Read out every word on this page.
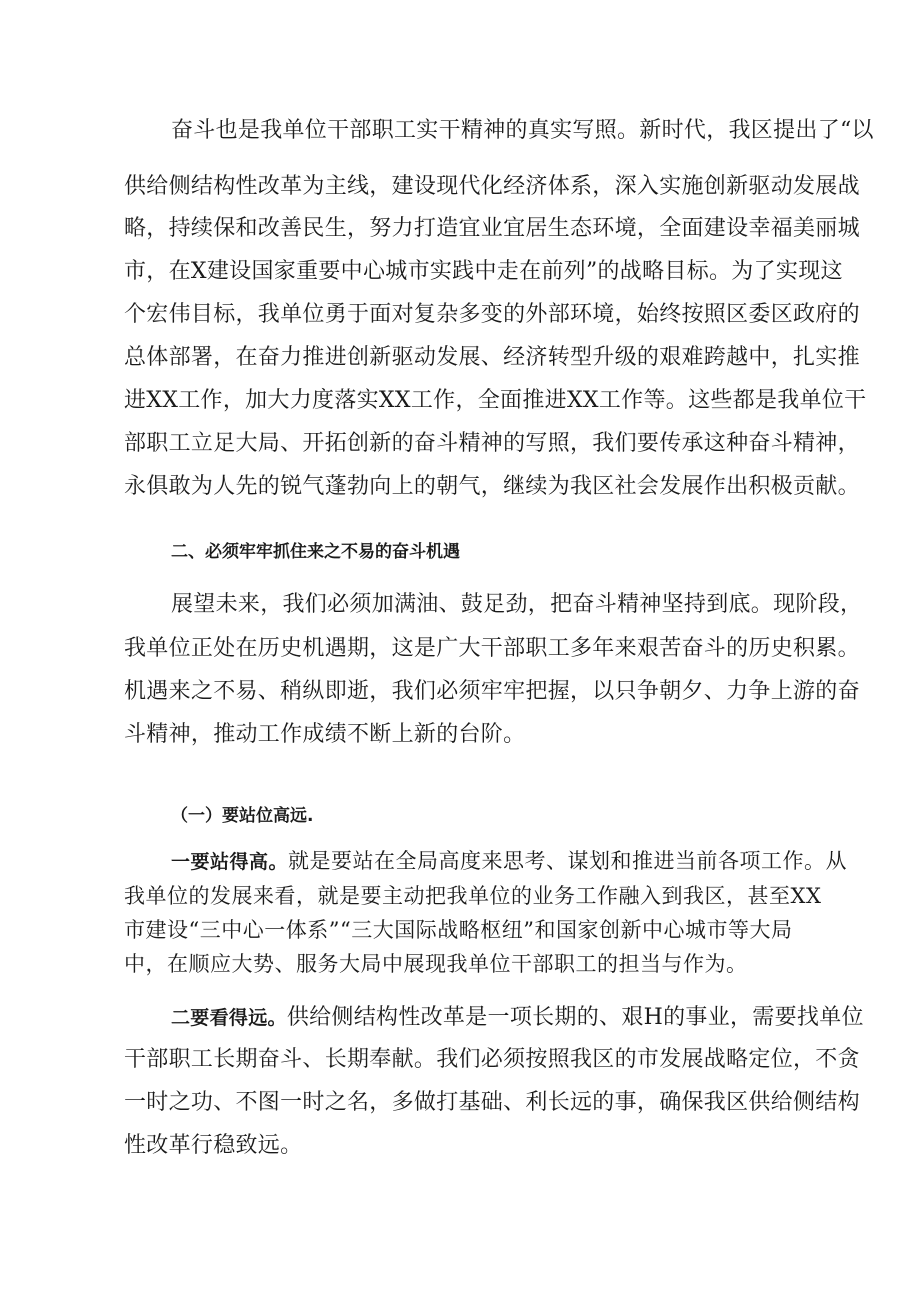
奋斗也是我单位干部职工实干精神的真实写照。新时代，我区提出了“以
供给侧结构性改革为主线，建设现代化经济体系，深入实施创新驱动发展战
略，持续保和改善民生，努力打造宜业宜居生态环境，全面建设幸福美丽城
市，在X建设国家重要中心城市实践中走在前列”的战略目标。为了实现这
个宏伟目标，我单位勇于面对复杂多变的外部环境，始终按照区委区政府的
总体部署，在奋力推进创新驱动发展、经济转型升级的艰难跨越中，扎实推
进XX工作，加大力度落实XX工作，全面推进XX工作等。这些都是我单位干
部职工立足大局、开拓创新的奋斗精神的写照，我们要传承这种奋斗精神，
永俱敢为人先的锐气蓬勃向上的朝气，继续为我区社会发展作出积极贡献。
二、必须牢牢抓住来之不易的奋斗机遇
展望未来，我们必须加满油、鼓足劲，把奋斗精神坚持到底。现阶段，
我单位正处在历史机遇期，这是广大干部职工多年来艰苦奋斗的历史积累。
机遇来之不易、稍纵即逝，我们必须牢牢把握，以只争朝夕、力争上游的奋
斗精神，推动工作成绩不断上新的台阶。
（一）要站位高远.
一要站得高。就是要站在全局高度来思考、谋划和推进当前各项工作。从
我单位的发展来看，就是要主动把我单位的业务工作融入到我区，甚至XX
市建设“三中心一体系”“三大国际战略枢纽”和国家创新中心城市等大局
中，在顺应大势、服务大局中展现我单位干部职工的担当与作为。
二要看得远。供给侧结构性改革是一项长期的、艰H的事业，需要找单位
干部职工长期奋斗、长期奉献。我们必须按照我区的市发展战略定位，不贪
一时之功、不图一时之名，多做打基础、利长远的事，确保我区供给侧结构
性改革行稳致远。
